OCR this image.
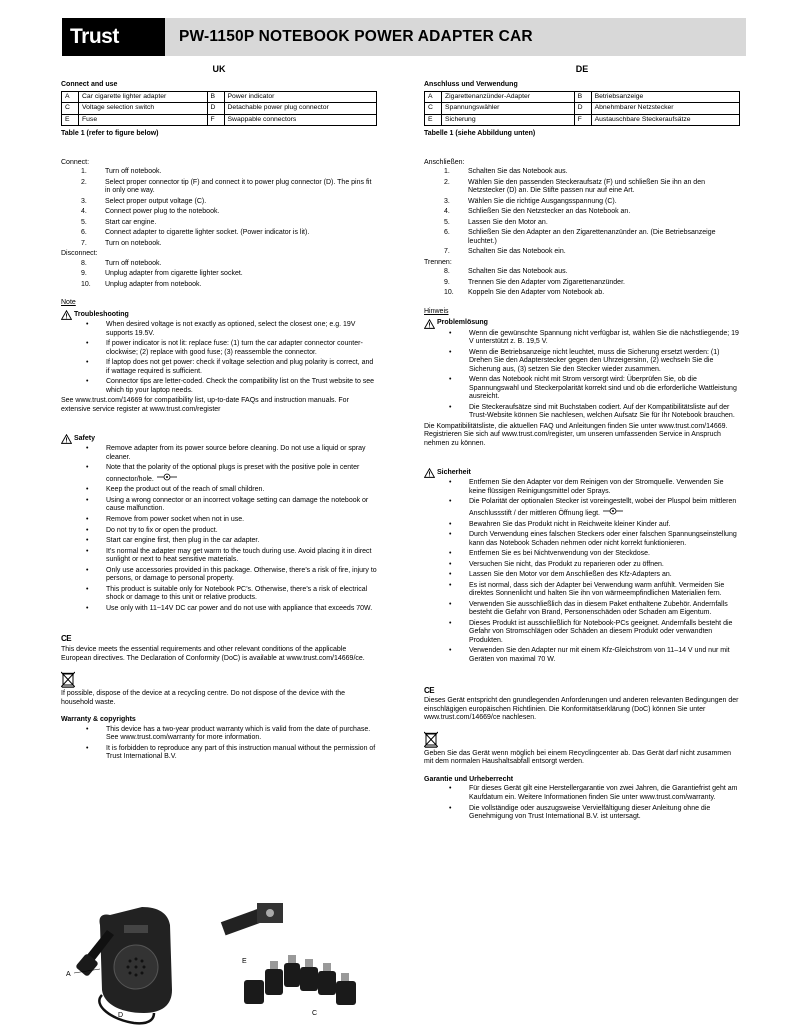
Trust	PW-1150P NOTEBOOK POWER ADAPTER CAR
UK
Connect and use
A	Car cigarette lighter adapter	B	Power indicator
C	Voltage selection switch	D	Detachable power plug connector
E	Fuse	F	Swappable connectors
Table 1 (refer to figure below)
Connect:
1.	Turn off notebook.
2.	Select proper connector tip (F) and connect it to power plug connector (D). The pins fit in only one way.
3.	Select proper output voltage (C).
4.	Connect power plug to the notebook.
5.	Start car engine.
6.	Connect adapter to cigarette lighter socket. (Power indicator is lit).
7.	Turn on notebook.
Disconnect:
8.	Turn off notebook.
9.	Unplug adapter from cigarette lighter socket.
10.	Unplug adapter from notebook.
Note
Troubleshooting
•	When desired voltage is not exactly as optioned, select the closest one; e.g. 19V supports 19.5V.
•	If power indicator is not lit: replace fuse: (1) turn the car adapter connector counter-clockwise; (2) replace with good fuse; (3) reassemble the connector.
•	If laptop does not get power: check if voltage selection and plug polarity is correct, and if wattage required is sufficient.
•	Connector tips are letter-coded. Check the compatibility list on the Trust website to see which tip your laptop needs.
See www.trust.com/14669 for compatibility list, up-to-date FAQs and instruction manuals. For extensive service register at www.trust.com/register
Safety
•	Remove adapter from its power source before cleaning. Do not use a liquid or spray cleaner.
•	Note that the polarity of the optional plugs is preset with the positive pole in center connector/hole.
•	Keep the product out of the reach of small children.
•	Using a wrong connector or an incorrect voltage setting can damage the notebook or cause malfunction.
•	Remove from power socket when not in use.
•	Do not try to fix or open the product.
•	Start car engine first, then plug in the car adapter.
•	It’s normal the adapter may get warm to the touch during use. Avoid placing it in direct sunlight or next to heat sensitive materials.
•	Only use accessories provided in this package. Otherwise, there’s a risk of fire, injury to persons, or damage to personal property.
•	This product is suitable only for Notebook PC’s. Otherwise, there’s a risk of electrical shock or damage to this unit or relative products.
•	Use only with 11~14V DC car power and do not use with appliance that exceeds 70W.
CE
This device meets the essential requirements and other relevant conditions of the applicable European directives. The Declaration of Conformity (DoC) is available at www.trust.com/14669/ce.
If possible, dispose of the device at a recycling centre. Do not dispose of the device with the household waste.
Warranty & copyrights
•	This device has a two-year product warranty which is valid from the date of purchase. See www.trust.com/warranty for more information.
•	It is forbidden to reproduce any part of this instruction manual without the permission of Trust International B.V.
DE
Anschluss und Verwendung
A	Zigarettenanzünder-Adapter	B	Betriebsanzeige
C	Spannungswähler	D	Abnehmbarer Netzstecker
E	Sicherung	F	Austauschbare Steckeraufsätze
Tabelle 1 (siehe Abbildung unten)
Anschließen:
1.	Schalten Sie das Notebook aus.
2.	Wählen Sie den passenden Steckeraufsatz (F) und schließen Sie ihn an den Netzstecker (D) an. Die Stifte passen nur auf eine Art.
3.	Wählen Sie die richtige Ausgangsspannung (C).
4.	Schließen Sie den Netzstecker an das Notebook an.
5.	Lassen Sie den Motor an.
6.	Schließen Sie den Adapter an den Zigarettenanzünder an. (Die Betriebsanzeige leuchtet.)
7.	Schalten Sie das Notebook ein.
Trennen:
8.	Schalten Sie das Notebook aus.
9.	Trennen Sie den Adapter vom Zigarettenanzünder.
10.	Koppeln Sie den Adapter vom Notebook ab.
Hinweis
Problemlösung
•	Wenn die gewünschte Spannung nicht verfügbar ist, wählen Sie die nächstliegende; 19 V unterstützt z. B. 19,5 V.
•	Wenn die Betriebsanzeige nicht leuchtet, muss die Sicherung ersetzt werden: (1) Drehen Sie den Adapterstecker gegen den Uhrzeigersinn, (2) wechseln Sie die Sicherung aus, (3) setzen Sie den Stecker wieder zusammen.
•	Wenn das Notebook nicht mit Strom versorgt wird: Überprüfen Sie, ob die Spannungswahl und Steckerpolarität korrekt sind und ob die erforderliche Wattleistung ausreicht.
•	Die Steckeraufsätze sind mit Buchstaben codiert. Auf der Kompatibilitätsliste auf der Trust-Website können Sie nachlesen, welchen Aufsatz Sie für Ihr Notebook brauchen.
Die Kompatibilitätsliste, die aktuellen FAQ und Anleitungen finden Sie unter www.trust.com/14669. Registrieren Sie sich auf www.trust.com/register, um unseren umfassenden Service in Anspruch nehmen zu können.
Sicherheit
•	Entfernen Sie den Adapter vor dem Reinigen von der Stromquelle. Verwenden Sie keine flüssigen Reinigungsmittel oder Sprays.
•	Die Polarität der optionalen Stecker ist voreingestellt, wobei der Pluspol beim mittleren Anschlussstift / der mittleren Öffnung liegt.
•	Bewahren Sie das Produkt nicht in Reichweite kleiner Kinder auf.
•	Durch Verwendung eines falschen Steckers oder einer falschen Spannungseinstellung kann das Notebook Schaden nehmen oder nicht korrekt funktionieren.
•	Entfernen Sie es bei Nichtverwendung von der Steckdose.
•	Versuchen Sie nicht, das Produkt zu reparieren oder zu öffnen.
•	Lassen Sie den Motor vor dem Anschließen des Kfz-Adapters an.
•	Es ist normal, dass sich der Adapter bei Verwendung warm anfühlt. Vermeiden Sie direktes Sonnenlicht und halten Sie ihn von wärmeempfindlichen Materialien fern.
•	Verwenden Sie ausschließlich das in diesem Paket enthaltene Zubehör. Andernfalls besteht die Gefahr von Brand, Personenschäden oder Schaden am Eigentum.
•	Dieses Produkt ist ausschließlich für Notebook-PCs geeignet. Andernfalls besteht die Gefahr von Stromschlägen oder Schäden an diesem Produkt oder verwandten Produkten.
•	Verwenden Sie den Adapter nur mit einem Kfz-Gleichstrom von 11–14 V und nur mit Geräten von maximal 70 W.
CE
Dieses Gerät entspricht den grundlegenden Anforderungen und anderen relevanten Bedingungen der einschlägigen europäischen Richtlinien. Die Konformitätserklärung (DoC) können Sie unter www.trust.com/14669/ce nachlesen.
Geben Sie das Gerät wenn möglich bei einem Recyclingcenter ab. Das Gerät darf nicht zusammen mit dem normalen Haushaltsabfall entsorgt werden.
Garantie und Urheberrecht
•	Für dieses Gerät gilt eine Herstellergarantie von zwei Jahren, die Garantiefrist geht am Kaufdatum ein. Weitere Informationen finden Sie unter www.trust.com/warranty.
•	Die vollständige oder auszugsweise Vervielfältigung dieser Anleitung ohne die Genehmigung von Trust International B.V. ist untersagt.
A
E
C
D
